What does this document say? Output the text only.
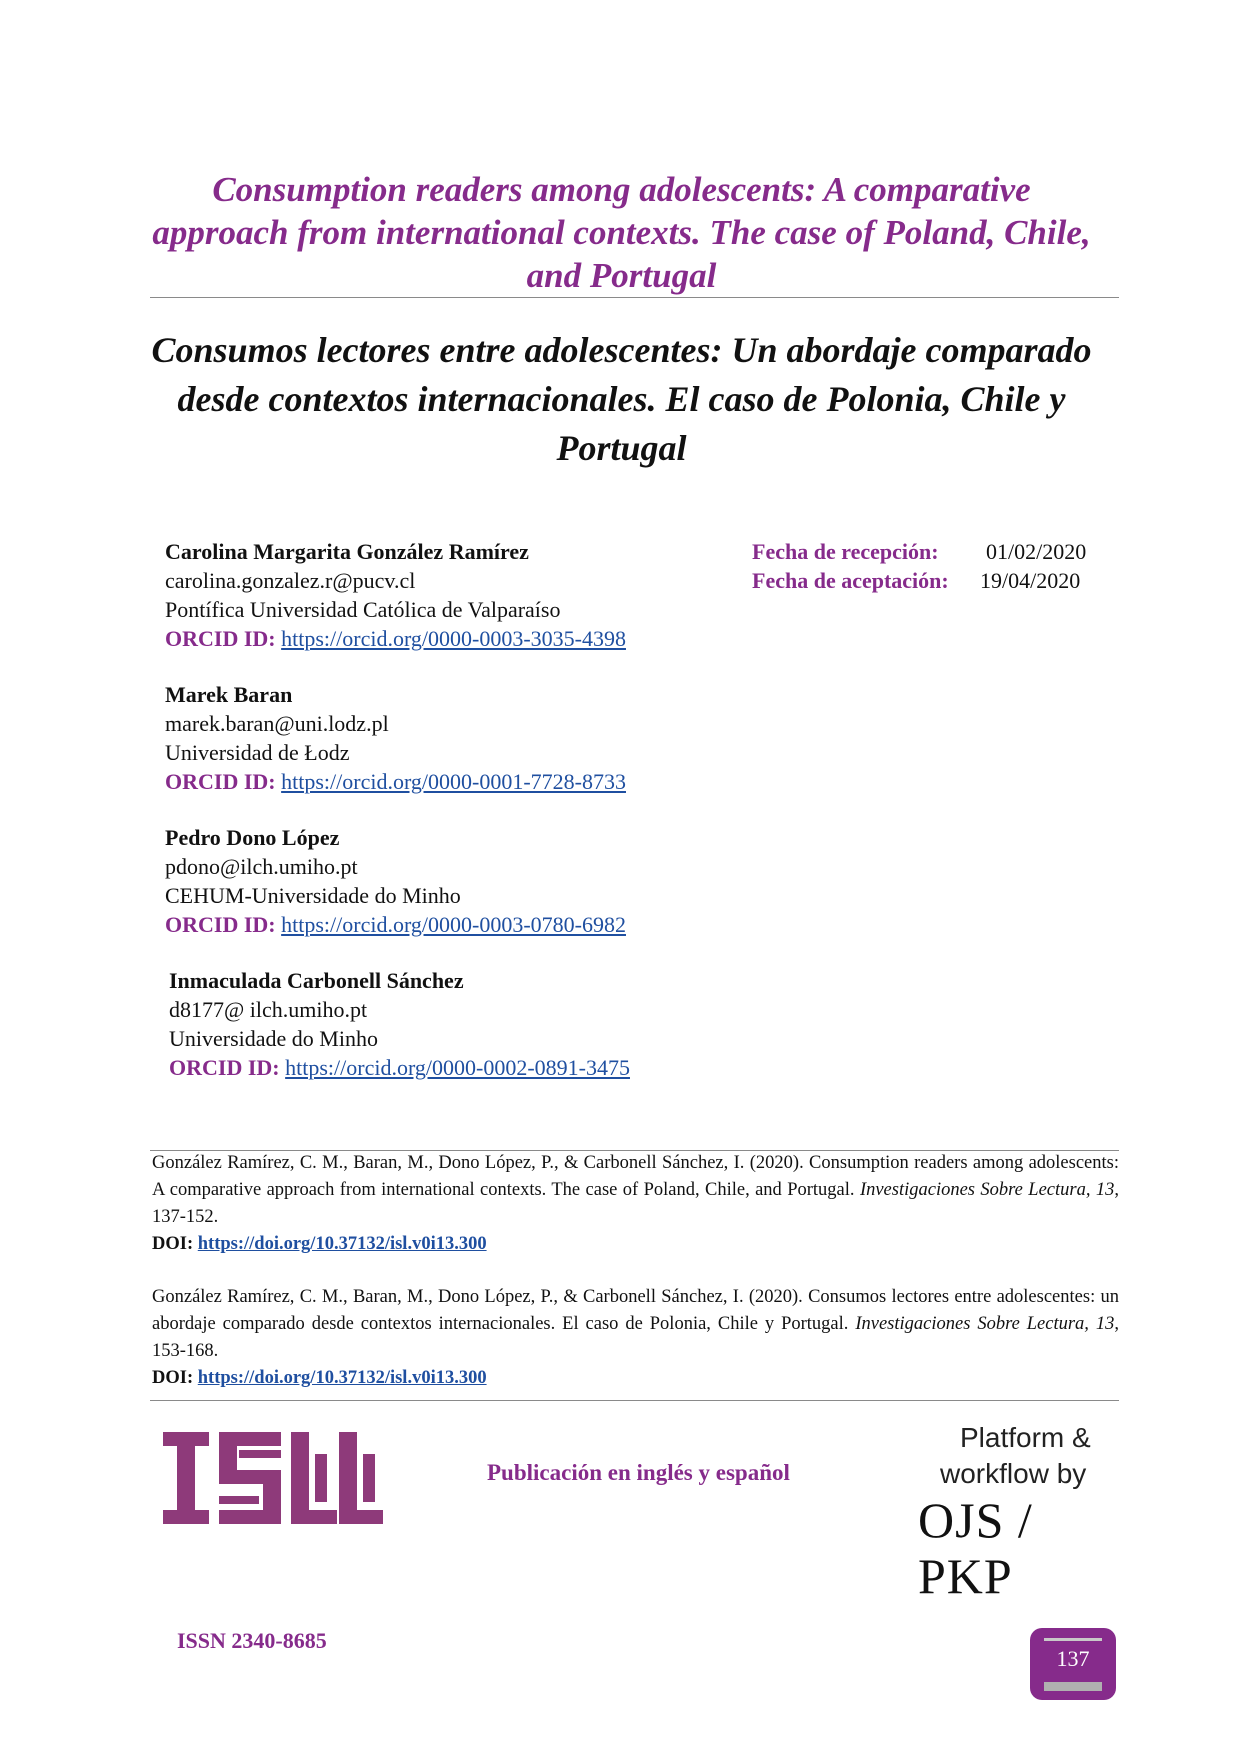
Consumption readers among adolescents: A comparative approach from international contexts. The case of Poland, Chile, and Portugal
Consumos lectores entre adolescentes: Un abordaje comparado desde contextos internacionales. El caso de Polonia, Chile y Portugal
Carolina Margarita González Ramírez
carolina.gonzalez.r@pucv.cl
Pontífica Universidad Católica de Valparaíso
ORCID ID: https://orcid.org/0000-0003-3035-4398
Marek Baran
marek.baran@uni.lodz.pl
Universidad de Łodz
ORCID ID: https://orcid.org/0000-0001-7728-8733
Pedro Dono López
pdono@ilch.umiho.pt
CEHUM-Universidade do Minho
ORCID ID: https://orcid.org/0000-0003-0780-6982
Inmaculada Carbonell Sánchez
d8177@ ilch.umiho.pt
Universidade do Minho
ORCID ID: https://orcid.org/0000-0002-0891-3475
Fecha de recepción:	01/02/2020
Fecha de aceptación:	19/04/2020
González Ramírez, C. M., Baran, M., Dono López, P., & Carbonell Sánchez, I. (2020). Consumption readers among adolescents: A comparative approach from international contexts. The case of Poland, Chile, and Portugal. Investigaciones Sobre Lectura, 13, 137-152.
DOI: https://doi.org/10.37132/isl.v0i13.300
González Ramírez, C. M., Baran, M., Dono López, P., & Carbonell Sánchez, I. (2020). Consumos lectores entre adolescentes: un abordaje comparado desde contextos internacionales. El caso de Polonia, Chile y Portugal. Investigaciones Sobre Lectura, 13, 153-168.
DOI: https://doi.org/10.37132/isl.v0i13.300
Publicación en inglés y español
Platform &
workflow by
OJS / PKP
ISSN 2340-8685
137
